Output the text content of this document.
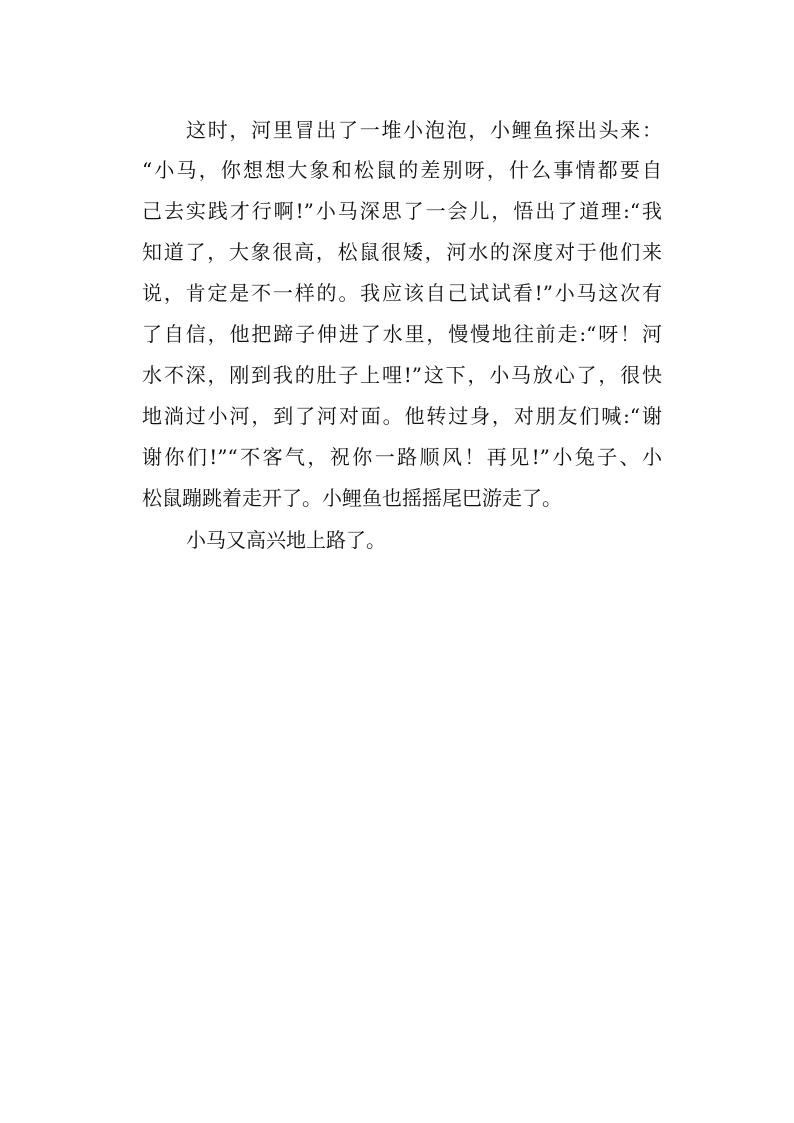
这时，河里冒出了一堆小泡泡，小鲤鱼探出头来：

“小马，你想想大象和松鼠的差别呀，什么事情都要自

己去实践才行啊!”小马深思了一会儿，悟出了道理:“我

知道了，大象很高，松鼠很矮，河水的深度对于他们来

说，肯定是不一样的。我应该自己试试看!”小马这次有

了自信，他把蹄子伸进了水里，慢慢地往前走:“呀！河

水不深，刚到我的肚子上哩!”这下，小马放心了，很快

地淌过小河，到了河对面。他转过身，对朋友们喊:“谢

谢你们!”“不客气，祝你一路顺风！再见!”小兔子、小

松鼠蹦跳着走开了。小鲤鱼也摇摇尾巴游走了。

小马又高兴地上路了。
